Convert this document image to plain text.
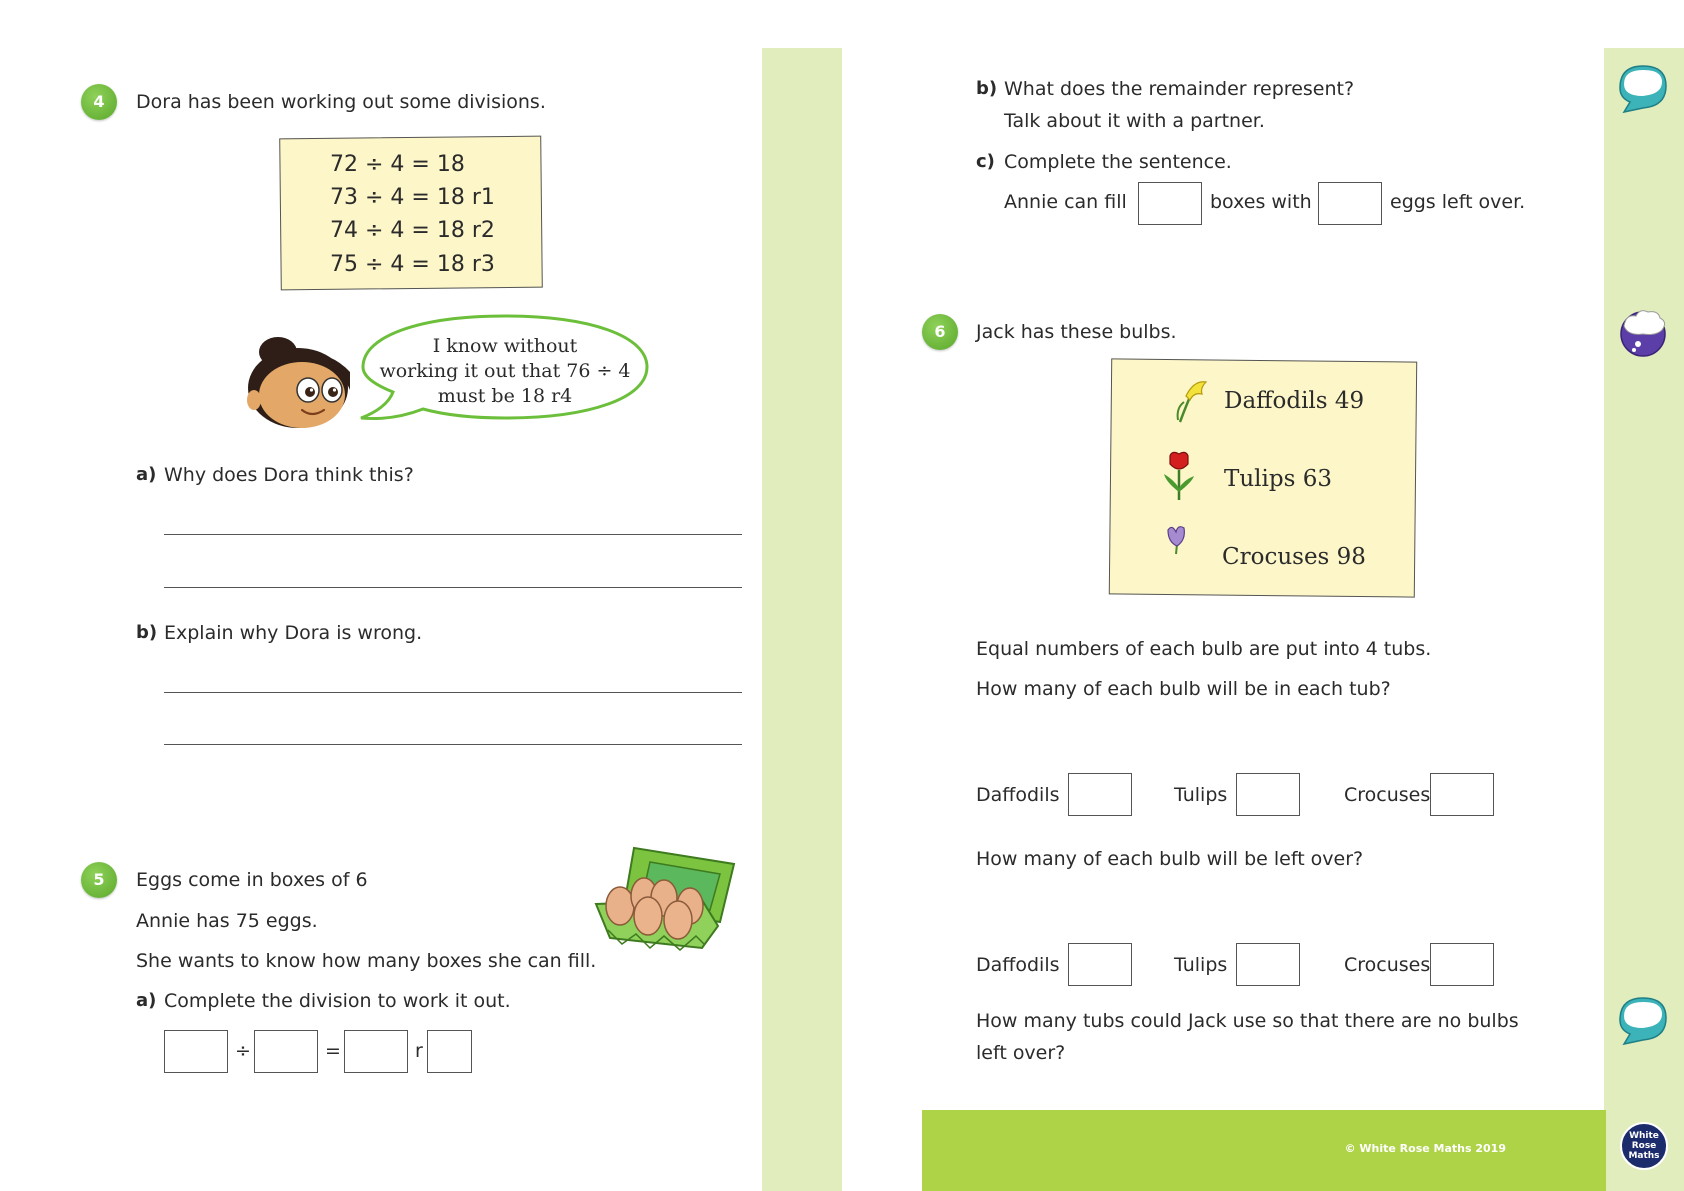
4	Dora has been working out some divisions.
72 ÷ 4 = 18
73 ÷ 4 = 18 r1
74 ÷ 4 = 18 r2
75 ÷ 4 = 18 r3
I know without
working it out that 76 ÷ 4
must be 18 r4
a) Why does Dora think this?
b) Explain why Dora is wrong.
5	Eggs come in boxes of 6
Annie has 75 eggs.
She wants to know how many boxes she can fill.
a) Complete the division to work it out.
÷	=	r
b) What does the remainder represent?
Talk about it with a partner.
c) Complete the sentence.
Annie can fill	boxes with	eggs left over.
6	Jack has these bulbs.
Daffodils 49
Tulips 63
Crocuses 98
Equal numbers of each bulb are put into 4 tubs.
How many of each bulb will be in each tub?
Daffodils	Tulips	Crocuses
How many of each bulb will be left over?
Daffodils	Tulips	Crocuses
How many tubs could Jack use so that there are no bulbs
left over?
© White Rose Maths 2019
White
Rose
Maths
